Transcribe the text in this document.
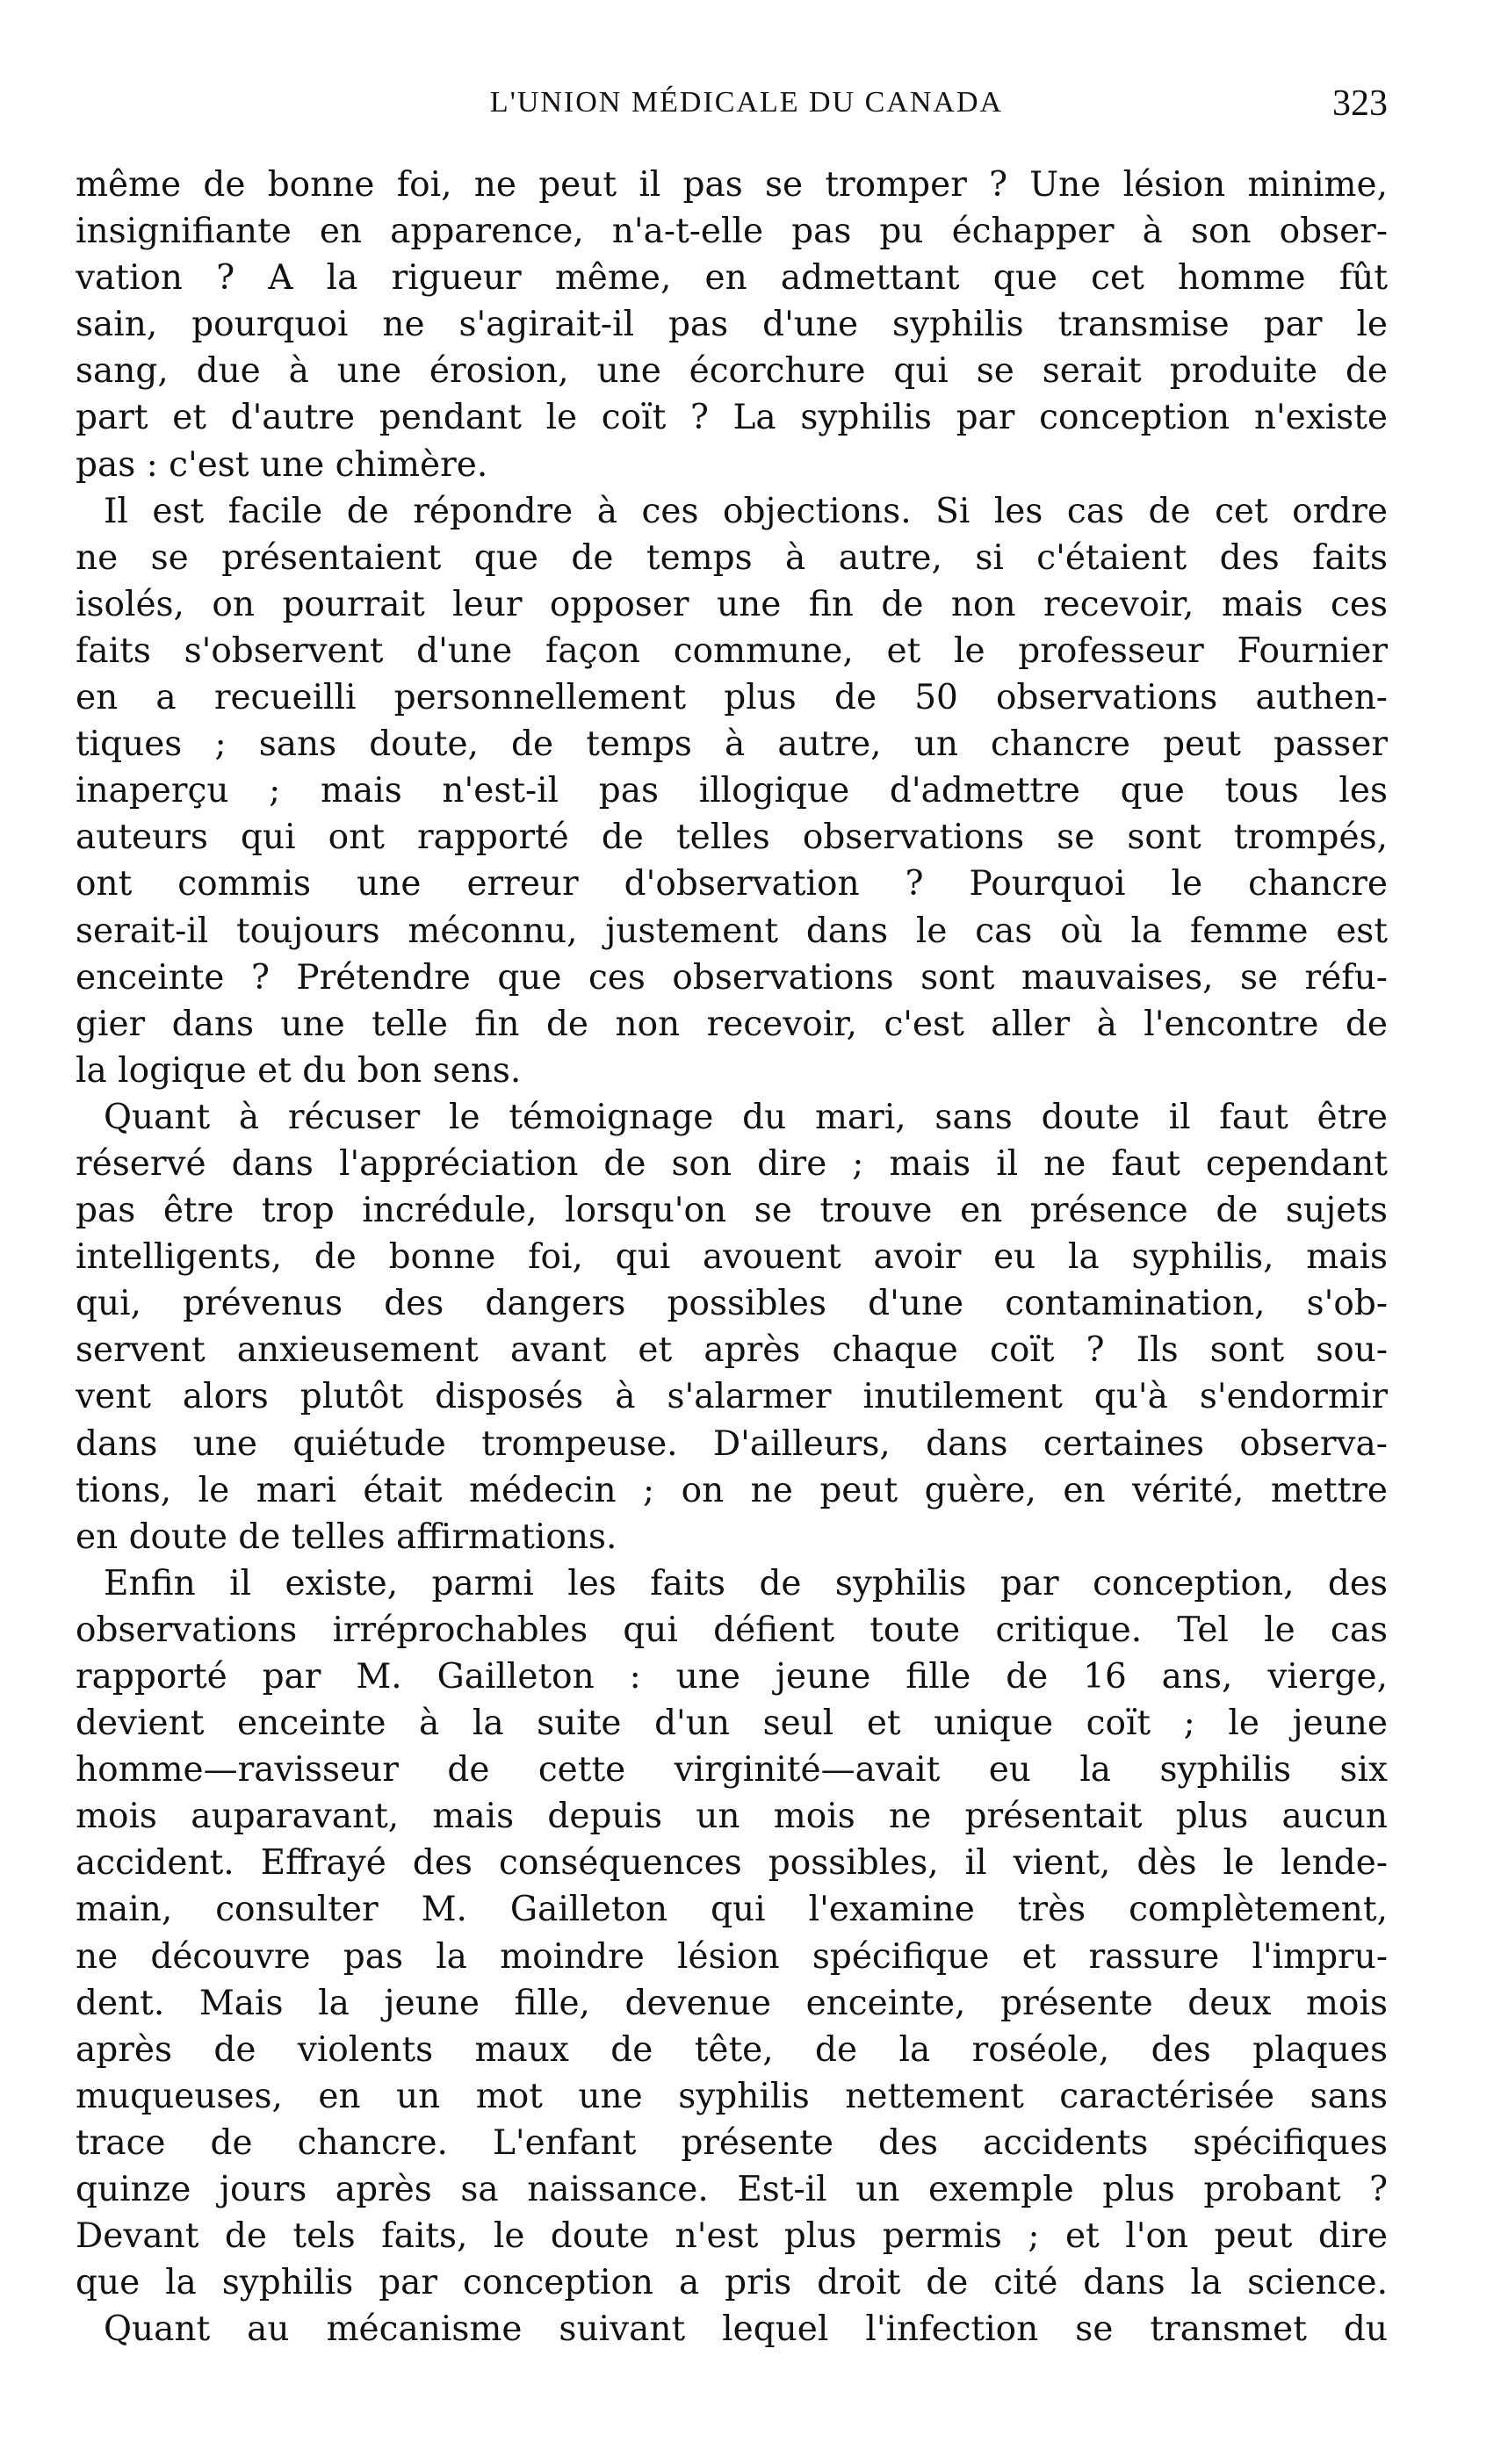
L'UNION MÉDICALE DU CANADA	323
même de bonne foi, ne peut il pas se tromper ? Une lésion minime,
insignifiante en apparence, n'a-t-elle pas pu échapper à son obser-
vation ? A la rigueur même, en admettant que cet homme fût
sain, pourquoi ne s'agirait-il pas d'une syphilis transmise par le
sang, due à une érosion, une écorchure qui se serait produite de
part et d'autre pendant le coït ? La syphilis par conception n'existe
pas : c'est une chimère.
Il est facile de répondre à ces objections. Si les cas de cet ordre
ne se présentaient que de temps à autre, si c'étaient des faits
isolés, on pourrait leur opposer une fin de non recevoir, mais ces
faits s'observent d'une façon commune, et le professeur Fournier
en a recueilli personnellement plus de 50 observations authen-
tiques ; sans doute, de temps à autre, un chancre peut passer
inaperçu ; mais n'est-il pas illogique d'admettre que tous les
auteurs qui ont rapporté de telles observations se sont trompés,
ont commis une erreur d'observation ? Pourquoi le chancre
serait-il toujours méconnu, justement dans le cas où la femme est
enceinte ? Prétendre que ces observations sont mauvaises, se réfu-
gier dans une telle fin de non recevoir, c'est aller à l'encontre de
la logique et du bon sens.
Quant à récuser le témoignage du mari, sans doute il faut être
réservé dans l'appréciation de son dire ; mais il ne faut cependant
pas être trop incrédule, lorsqu'on se trouve en présence de sujets
intelligents, de bonne foi, qui avouent avoir eu la syphilis, mais
qui, prévenus des dangers possibles d'une contamination, s'ob-
servent anxieusement avant et après chaque coït ? Ils sont sou-
vent alors plutôt disposés à s'alarmer inutilement qu'à s'endormir
dans une quiétude trompeuse. D'ailleurs, dans certaines observa-
tions, le mari était médecin ; on ne peut guère, en vérité, mettre
en doute de telles affirmations.
Enfin il existe, parmi les faits de syphilis par conception, des
observations irréprochables qui défient toute critique. Tel le cas
rapporté par M. Gailleton : une jeune fille de 16 ans, vierge,
devient enceinte à la suite d'un seul et unique coït ; le jeune
homme—ravisseur de cette virginité—avait eu la syphilis six
mois auparavant, mais depuis un mois ne présentait plus aucun
accident. Effrayé des conséquences possibles, il vient, dès le lende-
main, consulter M. Gailleton qui l'examine très complètement,
ne découvre pas la moindre lésion spécifique et rassure l'impru-
dent. Mais la jeune fille, devenue enceinte, présente deux mois
après de violents maux de tête, de la roséole, des plaques
muqueuses, en un mot une syphilis nettement caractérisée sans
trace de chancre. L'enfant présente des accidents spécifiques
quinze jours après sa naissance. Est-il un exemple plus probant ?
Devant de tels faits, le doute n'est plus permis ; et l'on peut dire
que la syphilis par conception a pris droit de cité dans la science.
Quant au mécanisme suivant lequel l'infection se transmet du
